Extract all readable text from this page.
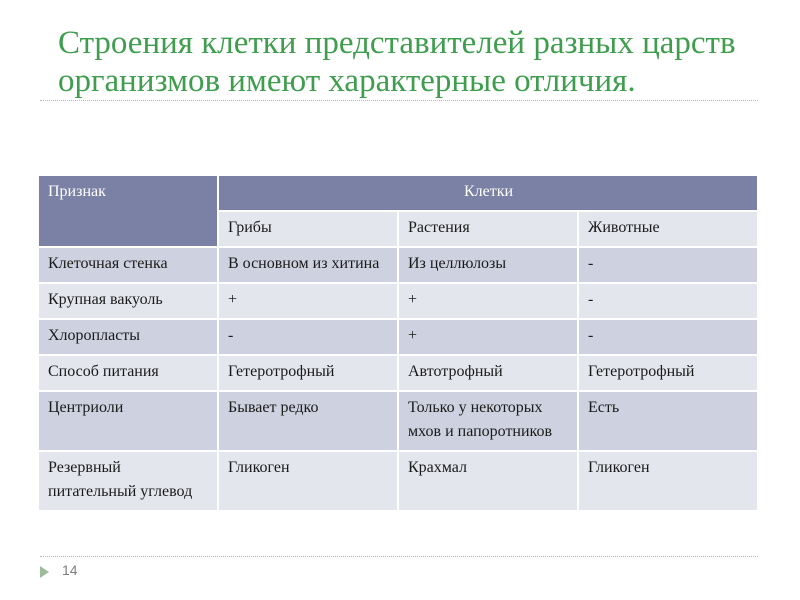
Строения клетки представителей разных царств организмов имеют характерные отличия.
Признак	Клетки		
	Грибы	Растения	Животные
Клеточная стенка	В основном из хитина	Из целлюлозы	-
Крупная вакуоль	+	+	-
Хлоропласты	-	+	-
Способ питания	Гетеротрофный	Автотрофный	Гетеротрофный
Центриоли	Бывает редко	Только у некоторых мхов и папоротников	Есть
Резервный питательный углевод	Гликоген	Крахмал	Гликоген
14
